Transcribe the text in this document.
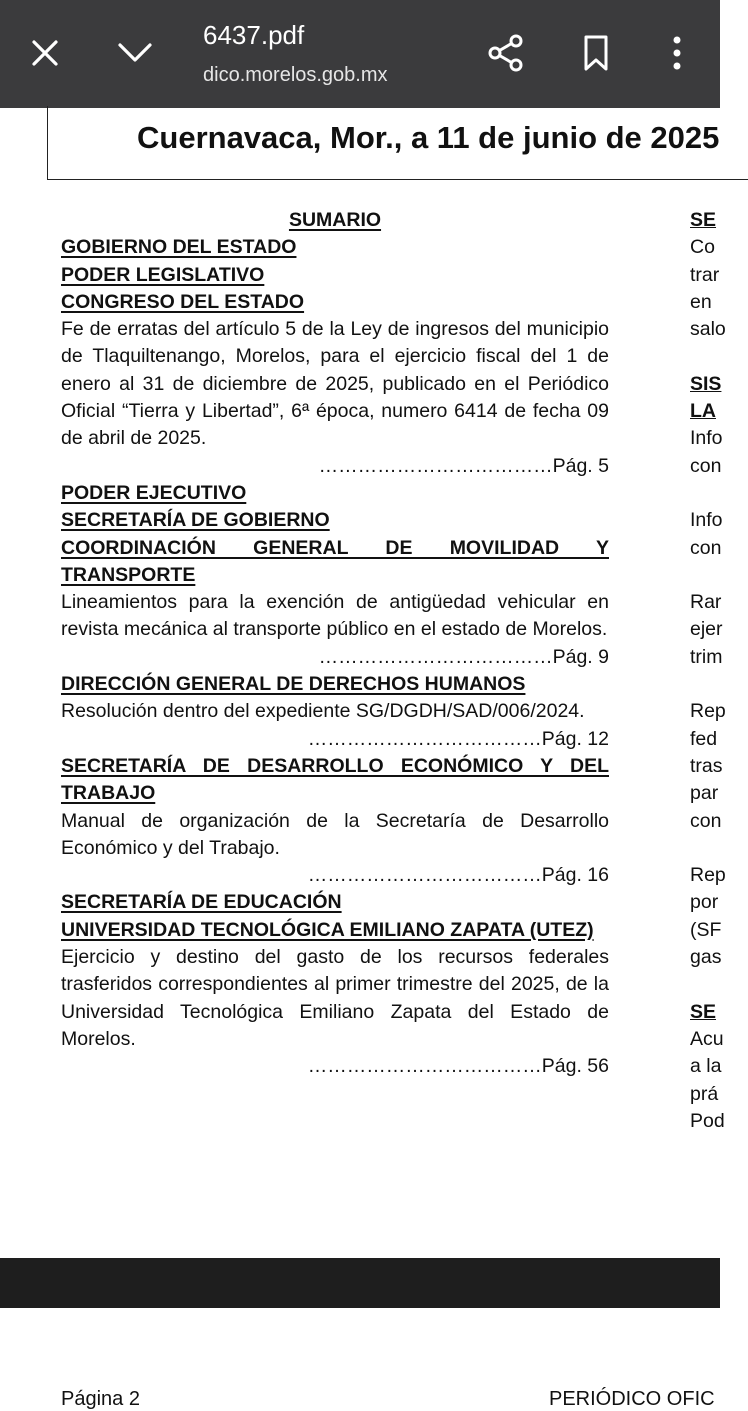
6437.pdf
dico.morelos.gob.mx
Cuernavaca, Mor., a 11 de junio de 2025
SUMARIO
GOBIERNO DEL ESTADO
PODER LEGISLATIVO
CONGRESO DEL ESTADO
Fe de erratas del artículo 5 de la Ley de ingresos del municipio de Tlaquiltenango, Morelos, para el ejercicio fiscal del 1 de enero al 31 de diciembre de 2025, publicado en el Periódico Oficial “Tierra y Libertad”, 6ª época, numero 6414 de fecha 09 de abril de 2025.
………………………………Pág. 5
PODER EJECUTIVO
SECRETARÍA DE GOBIERNO
COORDINACIÓN GENERAL DE MOVILIDAD Y TRANSPORTE
Lineamientos para la exención de antigüedad vehicular en revista mecánica al transporte público en el estado de Morelos.
………………………………Pág. 9
DIRECCIÓN GENERAL DE DERECHOS HUMANOS
Resolución dentro del expediente SG/DGDH/SAD/006/2024.
………………………………Pág. 12
SECRETARÍA DE DESARROLLO ECONÓMICO Y DEL TRABAJO
Manual de organización de la Secretaría de Desarrollo Económico y del Trabajo.
………………………………Pág. 16
SECRETARÍA DE EDUCACIÓN
UNIVERSIDAD TECNOLÓGICA EMILIANO ZAPATA (UTEZ)
Ejercicio y destino del gasto de los recursos federales trasferidos correspondientes al primer trimestre del 2025, de la Universidad Tecnológica Emiliano Zapata del Estado de Morelos.
………………………………Pág. 56
SE
Co
trar
en
salo
SIS
LA
Info
con
Info
con
Rar
ejer
trim
Rep
fed
tras
par
con
Rep
por
(SF
gas
SE
Acu
a la
prá
Pod
Página 2	PERIÓDICO OFIC
